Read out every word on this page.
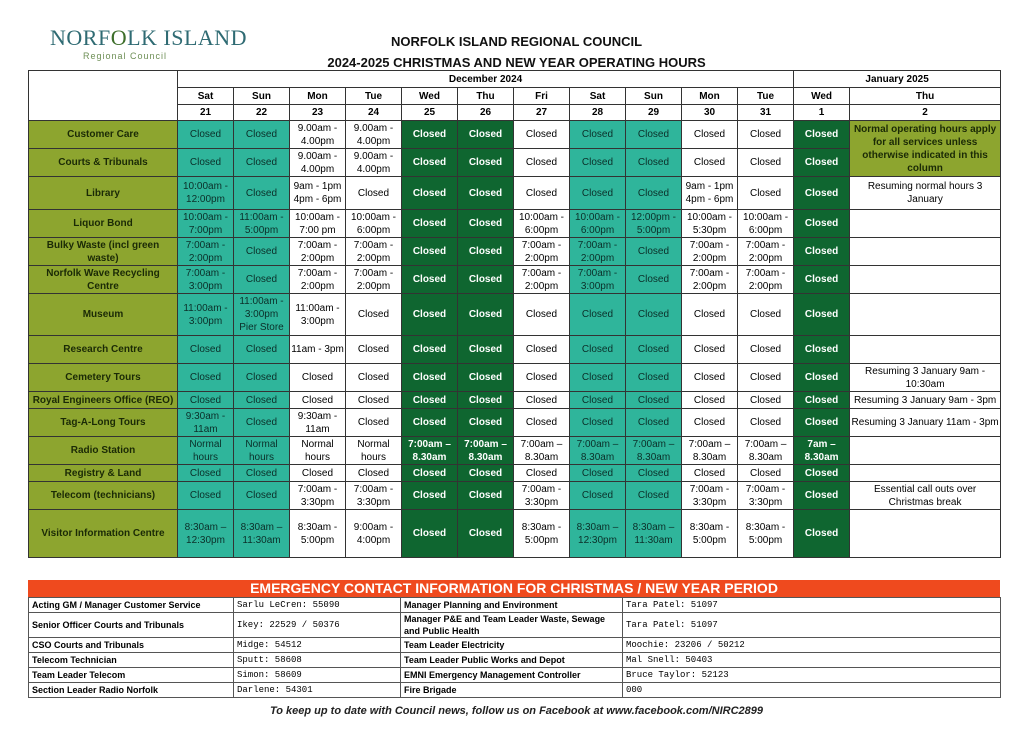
NORFOLK ISLAND
Regional Council
NORFOLK ISLAND REGIONAL COUNCIL
2024-2025 CHRISTMAS AND NEW YEAR OPERATING HOURS
	December 2024											January 2025	
	Sat	Sun	Mon	Tue	Wed	Thu	Fri	Sat	Sun	Mon	Tue	Wed	Thu
	21	22	23	24	25	26	27	28	29	30	31	1	2
Customer Care	Closed	Closed	9.00am -
4.00pm	9.00am -
4.00pm	Closed	Closed	Closed	Closed	Closed	Closed	Closed	Closed	Normal operating hours apply for all services unless otherwise indicated in this column
Courts & Tribunals	Closed	Closed	9.00am -
4.00pm	9.00am -
4.00pm	Closed	Closed	Closed	Closed	Closed	Closed	Closed	Closed	
Library	10:00am -
12:00pm	Closed	9am - 1pm
4pm - 6pm	Closed	Closed	Closed	Closed	Closed	Closed	9am - 1pm
4pm - 6pm	Closed	Closed	Resuming normal hours 3 January
Liquor Bond	10:00am -
7:00pm	11:00am -
5:00pm	10:00am -
7:00 pm	10:00am -
6:00pm	Closed	Closed	10:00am -
6:00pm	10:00am -
6:00pm	12:00pm -
5:00pm	10:00am -
5:30pm	10:00am -
6:00pm	Closed	
Bulky Waste (incl green waste)	7:00am -
2:00pm	Closed	7:00am -
2:00pm	7:00am -
2:00pm	Closed	Closed	7:00am -
2:00pm	7:00am -
2:00pm	Closed	7:00am -
2:00pm	7:00am -
2:00pm	Closed	
Norfolk Wave Recycling Centre	7:00am -
3:00pm	Closed	7:00am -
2:00pm	7:00am -
2:00pm	Closed	Closed	7:00am -
2:00pm	7:00am -
3:00pm	Closed	7:00am -
2:00pm	7:00am -
2:00pm	Closed	
Museum	11:00am -
3:00pm	11:00am -
3:00pm
Pier Store	11:00am -
3:00pm	Closed	Closed	Closed	Closed	Closed	Closed	Closed	Closed	Closed	
Research Centre	Closed	Closed	11am - 3pm	Closed	Closed	Closed	Closed	Closed	Closed	Closed	Closed	Closed	
Cemetery Tours	Closed	Closed	Closed	Closed	Closed	Closed	Closed	Closed	Closed	Closed	Closed	Closed	Resuming 3 January 9am - 10:30am
Royal Engineers Office (REO)	Closed	Closed	Closed	Closed	Closed	Closed	Closed	Closed	Closed	Closed	Closed	Closed	Resuming 3 January 9am - 3pm
Tag-A-Long Tours	9:30am -
11am	Closed	9:30am -
11am	Closed	Closed	Closed	Closed	Closed	Closed	Closed	Closed	Closed	Resuming 3 January 11am - 3pm
Radio Station	Normal
hours	Normal
hours	Normal
hours	Normal
hours	7:00am –
8.30am	7:00am –
8.30am	7:00am –
8.30am	7:00am –
8.30am	7:00am –
8.30am	7:00am –
8.30am	7:00am –
8.30am	7am –
8.30am	
Registry & Land	Closed	Closed	Closed	Closed	Closed	Closed	Closed	Closed	Closed	Closed	Closed	Closed	
Telecom (technicians)	Closed	Closed	7:00am -
3:30pm	7:00am -
3:30pm	Closed	Closed	7:00am -
3:30pm	Closed	Closed	7:00am -
3:30pm	7:00am -
3:30pm	Closed	Essential call outs over Christmas break
Visitor Information Centre	8:30am –
12:30pm	8:30am –
11:30am	8:30am -
5:00pm	9:00am -
4:00pm	Closed	Closed	8:30am -
5:00pm	8:30am –
12:30pm	8:30am –
11:30am	8:30am -
5:00pm	8:30am -
5:00pm	Closed	
EMERGENCY CONTACT INFORMATION FOR CHRISTMAS / NEW YEAR PERIOD
Acting GM / Manager Customer Service	Sarlu LeCren: 55090	Manager Planning and Environment	Tara Patel: 51097
Senior Officer Courts and Tribunals	Ikey: 22529 / 50376	Manager P&E and Team Leader Waste, Sewage and Public Health	Tara Patel: 51097
CSO Courts and Tribunals	Midge: 54512	Team Leader Electricity	Moochie: 23206 / 50212
Telecom Technician	Sputt: 58608	Team Leader Public Works and Depot	Mal Snell: 50403
Team Leader Telecom	Simon: 58609	EMNI Emergency Management Controller	Bruce Taylor: 52123
Section Leader Radio Norfolk	Darlene: 54301	Fire Brigade	000
To keep up to date with Council news, follow us on Facebook at www.facebook.com/NIRC2899
